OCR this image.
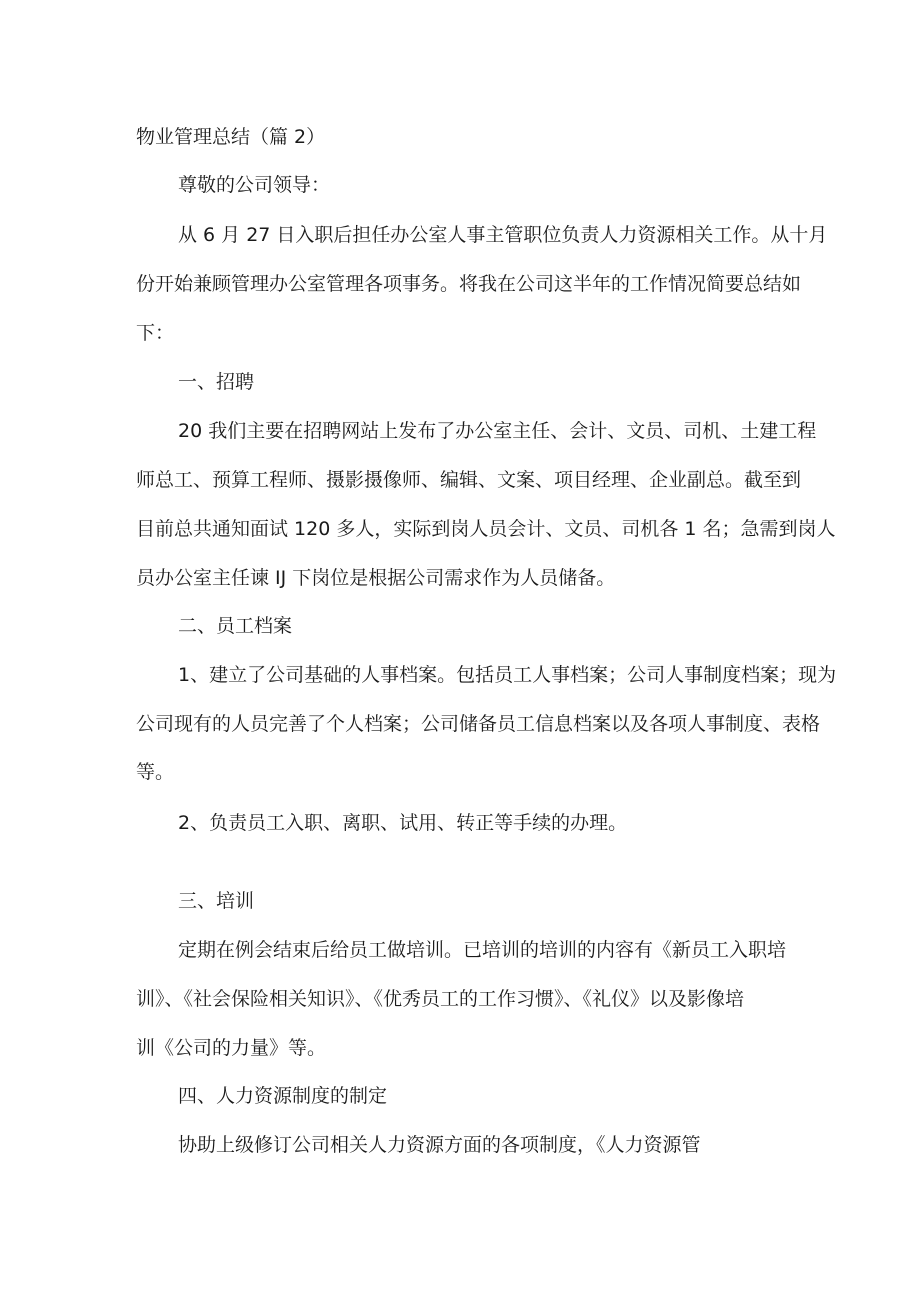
物业管理总结（篇 2）
尊敬的公司领导：
从 6 月 27 日入职后担任办公室人事主管职位负责人力资源相关工作。从十月
份开始兼顾管理办公室管理各项事务。将我在公司这半年的工作情况简要总结如
下：
一、招聘
20 我们主要在招聘网站上发布了办公室主任、会计、文员、司机、土建工程
师总工、预算工程师、摄影摄像师、编辑、文案、项目经理、企业副总。截至到
目前总共通知面试 120 多人，实际到岗人员会计、文员、司机各 1 名；急需到岗人
员办公室主任谏 IJ 下岗位是根据公司需求作为人员储备。
二、员工档案
1、建立了公司基础的人事档案。包括员工人事档案；公司人事制度档案；现为
公司现有的人员完善了个人档案；公司储备员工信息档案以及各项人事制度、表格
等。
2、负责员工入职、离职、试用、转正等手续的办理。
三、培训
定期在例会结束后给员工做培训。已培训的培训的内容有《新员工入职培
训》、《社会保险相关知识》、《优秀员工的工作习惯》、《礼仪》以及影像培
训《公司的力量》等。
四、人力资源制度的制定
协助上级修订公司相关人力资源方面的各项制度，《人力资源管
